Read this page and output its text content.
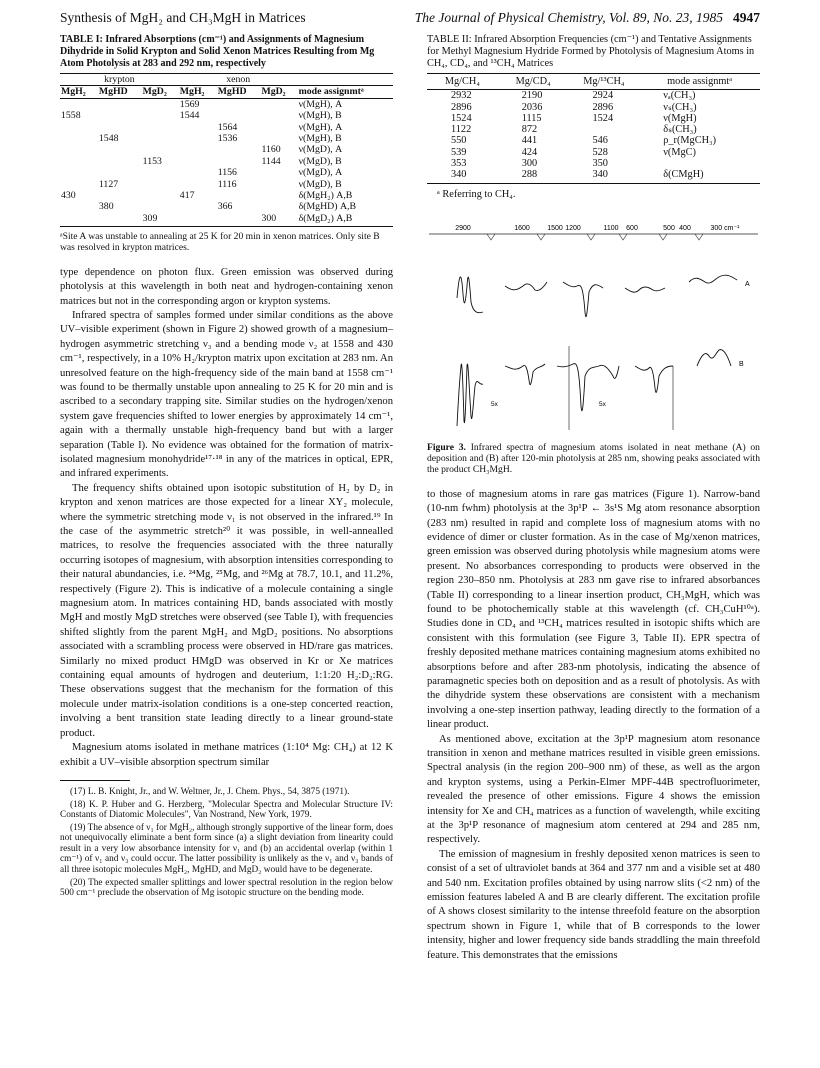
Synthesis of MgH₂ and CH₃MgH in Matrices	The Journal of Physical Chemistry, Vol. 89, No. 23, 1985 4947
TABLE I: Infrared Absorptions (cm⁻¹) and Assignments of Magnesium Dihydride in Solid Krypton and Solid Xenon Matrices Resulting from Mg Atom Photolysis at 283 and 292 nm, respectively
krypton			xenon			
MgH₂	MgHD	MgD₂	MgH₂	MgHD	MgD₂	mode assignmtᵃ
			1569			ν(MgH), A
1558			1544			ν(MgH), B
				1564		ν(MgH), A
	1548			1536		ν(MgH), B
					1160	ν(MgD), A
		1153			1144	ν(MgD), B
				1156		ν(MgD), A
	1127			1116		ν(MgD), B
430			417			δ(MgH₂) A,B
	380			366		δ(MgHD) A,B
		309			300	δ(MgD₂) A,B
ᵃSite A was unstable to annealing at 25 K for 20 min in xenon matrices. Only site B was resolved in krypton matrices.

type dependence on photon flux. Green emission was observed during photolysis at this wavelength in both neat and hydrogen-containing xenon matrices but not in the corresponding argon or krypton systems.

Infrared spectra of samples formed under similar conditions as the above UV–visible experiment (shown in Figure 2) showed growth of a magnesium–hydrogen asymmetric stretching ν₃ and a bending mode ν₂ at 1558 and 430 cm⁻¹, respectively, in a 10% H₂/krypton matrix upon excitation at 283 nm. An unresolved feature on the high-frequency side of the main band at 1558 cm⁻¹ was found to be thermally unstable upon annealing to 25 K for 20 min and is ascribed to a secondary trapping site. Similar studies on the hydrogen/xenon system gave frequencies shifted to lower energies by approximately 14 cm⁻¹, again with a thermally unstable high-frequency band but with a larger separation (Table I). No evidence was obtained for the formation of matrix-isolated magnesium monohydride¹⁷·¹⁸ in any of the matrices in optical, EPR, and infrared experiments.

The frequency shifts obtained upon isotopic substitution of H₂ by D₂ in krypton and xenon matrices are those expected for a linear XY₂ molecule, where the symmetric stretching mode ν₁ is not observed in the infrared.¹⁹ In the case of the asymmetric stretch²⁰ it was possible, in well-annealled matrices, to resolve the frequencies associated with the three naturally occurring isotopes of magnesium, with absorption intensities corresponding to their natural abundancies, i.e. ²⁴Mg, ²⁵Mg, and ²⁶Mg at 78.7, 10.1, and 11.2%, respectively (Figure 2). This is indicative of a molecule containing a single magnesium atom. In matrices containing HD, bands associated with mostly MgH and mostly MgD stretches were observed (see Table I), with frequencies shifted slightly from the parent MgH₂ and MgD₂ positions. No absorptions associated with a scrambling process were observed in HD/rare gas matrices. Similarly no mixed product HMgD was observed in Kr or Xe matrices containing equal amounts of hydrogen and deuterium, 1:1:20 H₂:D₂:RG. These observations suggest that the mechanism for the formation of this molecule under matrix-isolation conditions is a one-step concerted reaction, involving a bent transition state leading directly to a linear ground-state product.

Magnesium atoms isolated in methane matrices (1:10⁴ Mg: CH₄) at 12 K exhibit a UV–visible absorption spectrum similar

(17) L. B. Knight, Jr., and W. Weltner, Jr., J. Chem. Phys., 54, 3875 (1971).

(18) K. P. Huber and G. Herzberg, "Molecular Spectra and Molecular Structure IV: Constants of Diatomic Molecules", Van Nostrand, New York, 1979.

(19) The absence of ν₁ for MgH₂, although strongly supportive of the linear form, does not unequivocally eliminate a bent form since (a) a slight deviation from linearity could result in a very low absorbance intensity for ν₁ and (b) an accidental overlap (within 1 cm⁻¹) of ν₁ and ν₃ could occur. The latter possibility is unlikely as the ν₁ and ν₃ bands of all three isotopic molecules MgH₂, MgHD, and MgD₂ would have to be degenerate.

(20) The expected smaller splittings and lower spectral resolution in the region below 500 cm⁻¹ preclude the observation of Mg isotopic structure on the bending mode.

TABLE II: Infrared Absorption Frequencies (cm⁻¹) and Tentative Assignments for Methyl Magnesium Hydride Formed by Photolysis of Magnesium Atoms in CH₄, CD₄, and ¹³CH₄ Matrices
Mg/CH₄	Mg/CD₄	Mg/¹³CH₄	mode assignmtᵃ
2932	2190	2924	νₐ(CH₃)
2896	2036	2896	νₛ(CH₃)
1524	1115	1524	ν(MgH)
1122	872		δₛ(CH₃)
550	441	546	ρ_r(MgCH₃)
539	424	528	ν(MgC)
353	300	350	
340	288	340	δ(CMgH)
ᵃ Referring to CH₄.
2900	1600 1500 1200	1100 600	500 400	300 cm⁻¹
A
B
5x	5x
Figure 3. Infrared spectra of magnesium atoms isolated in neat methane (A) on deposition and (B) after 120-min photolysis at 285 nm, showing peaks associated with the product CH₃MgH.

to those of magnesium atoms in rare gas matrices (Figure 1). Narrow-band (10-nm fwhm) photolysis at the 3p¹P ← 3s¹S Mg atom resonance absorption (283 nm) resulted in rapid and complete loss of magnesium atoms with no evidence of dimer or cluster formation. As in the case of Mg/xenon matrices, green emission was observed during photolysis while magnesium atoms were present. No absorbances corresponding to products were observed in the region 230–850 nm. Photolysis at 283 nm gave rise to infrared absorbances (Table II) corresponding to a linear insertion product, CH₃MgH, which was found to be photochemically stable at this wavelength (cf. CH₃CuH¹⁰ᵃ). Studies done in CD₄ and ¹³CH₄ matrices resulted in isotopic shifts which are consistent with this formulation (see Figure 3, Table II). EPR spectra of freshly deposited methane matrices containing magnesium atoms exhibited no absorptions before and after 283-nm photolysis, indicating the absence of paramagnetic species both on deposition and as a result of photolysis. As with the dihydride system these observations are consistent with a mechanism involving a one-step insertion pathway, leading directly to the formation of a linear product.

As mentioned above, excitation at the 3p¹P magnesium atom resonance transition in xenon and methane matrices resulted in visible green emissions. Spectral analysis (in the region 200–900 nm) of these, as well as the argon and krypton systems, using a Perkin-Elmer MPF-44B spectrofluorimeter, revealed the presence of other emissions. Figure 4 shows the emission intensity for Xe and CH₄ matrices as a function of wavelength, while exciting at the 3p¹P resonance of magnesium atom centered at 294 and 285 nm, respectively.

The emission of magnesium in freshly deposited xenon matrices is seen to consist of a set of ultraviolet bands at 364 and 377 nm and a visible set at 480 and 540 nm. Excitation profiles obtained by using narrow slits (<2 nm) of the emission features labeled A and B are clearly different. The excitation profile of A shows closest similarity to the intense threefold feature on the absorption spectrum shown in Figure 1, while that of B corresponds to the lower intensity, higher and lower frequency side bands straddling the main threefold feature. This demonstrates that the emissions
